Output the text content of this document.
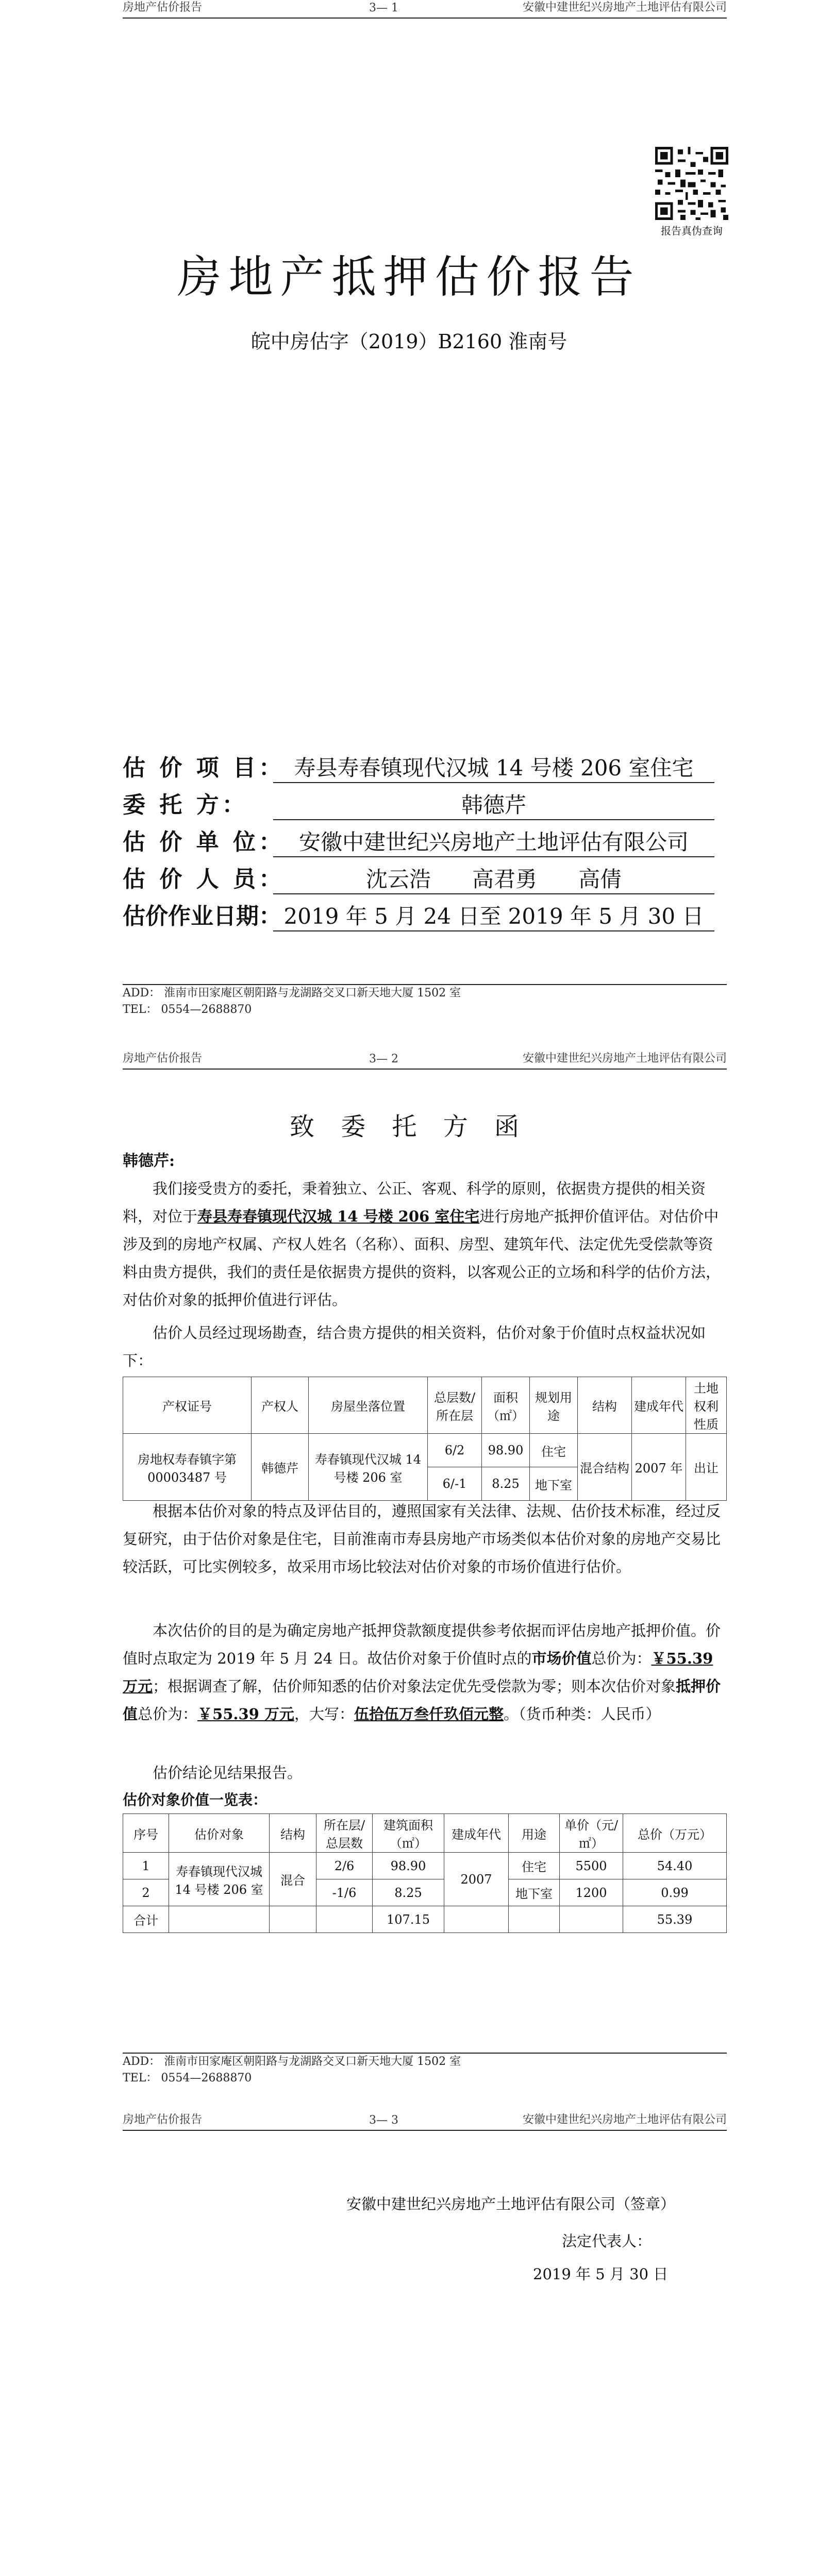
房地产估价报告	3— 1	安徽中建世纪兴房地产土地评估有限公司
报告真伪查询
房地产抵押估价报告
皖中房估字（2019）B2160 淮南号
估 价 项 目： 寿县寿春镇现代汉城 14 号楼 206 室住宅
委 托 方：	韩德芹
估 价 单 位： 安徽中建世纪兴房地产土地评估有限公司
估 价 人 员：	沈云浩      高君勇      高倩
估价作业日期： 2019 年 5 月 24 日至 2019 年 5 月 30 日
ADD： 淮南市田家庵区朝阳路与龙湖路交叉口新天地大厦 1502 室
TEL： 0554—2688870
房地产估价报告	3— 2	安徽中建世纪兴房地产土地评估有限公司
致 委 托 方 函
韩德芹:
我们接受贵方的委托，秉着独立、公正、客观、科学的原则，依据贵方提供的相关资料，对位于寿县寿春镇现代汉城 14 号楼 206 室住宅进行房地产抵押价值评估。对估价中涉及到的房地产权属、产权人姓名（名称）、面积、房型、建筑年代、法定优先受偿款等资料由贵方提供，我们的责任是依据贵方提供的资料，以客观公正的立场和科学的估价方法，对估价对象的抵押价值进行评估。
估价人员经过现场勘查，结合贵方提供的相关资料，估价对象于价值时点权益状况如下：
产权证号	产权人	房屋坐落位置	总层数/所在层	面积（㎡）	规划用途	结构	建成年代	土地权利性质
房地权寿春镇字第 00003487 号	韩德芹	寿春镇现代汉城 14 号楼 206 室	6/2	98.90	住宅	混合结构	2007 年	出让
			6/-1	8.25	地下室			
根据本估价对象的特点及评估目的，遵照国家有关法律、法规、估价技术标准，经过反复研究，由于估价对象是住宅，目前淮南市寿县房地产市场类似本估价对象的房地产交易比较活跃，可比实例较多，故采用市场比较法对估价对象的市场价值进行估价。
本次估价的目的是为确定房地产抵押贷款额度提供参考依据而评估房地产抵押价值。价值时点取定为 2019 年 5 月 24 日。故估价对象于价值时点的市场价值总价为：￥55.39 万元；根据调查了解，估价师知悉的估价对象法定优先受偿款为零；则本次估价对象抵押价值总价为：￥55.39 万元，大写：伍拾伍万叁仟玖佰元整。（货币种类：人民币）
估价结论见结果报告。
估价对象价值一览表：
序号	估价对象	结构	所在层/总层数	建筑面积（㎡）	建成年代	用途	单价（元/㎡）	总价（万元）
1	寿春镇现代汉城 14 号楼 206 室	混合	2/6	98.90	2007	住宅	5500	54.40
2			-1/6	8.25		地下室	1200	0.99
合计				107.15				55.39
ADD： 淮南市田家庵区朝阳路与龙湖路交叉口新天地大厦 1502 室
TEL： 0554—2688870
房地产估价报告	3— 3	安徽中建世纪兴房地产土地评估有限公司
安徽中建世纪兴房地产土地评估有限公司（签章）
法定代表人：
2019 年 5 月 30 日
